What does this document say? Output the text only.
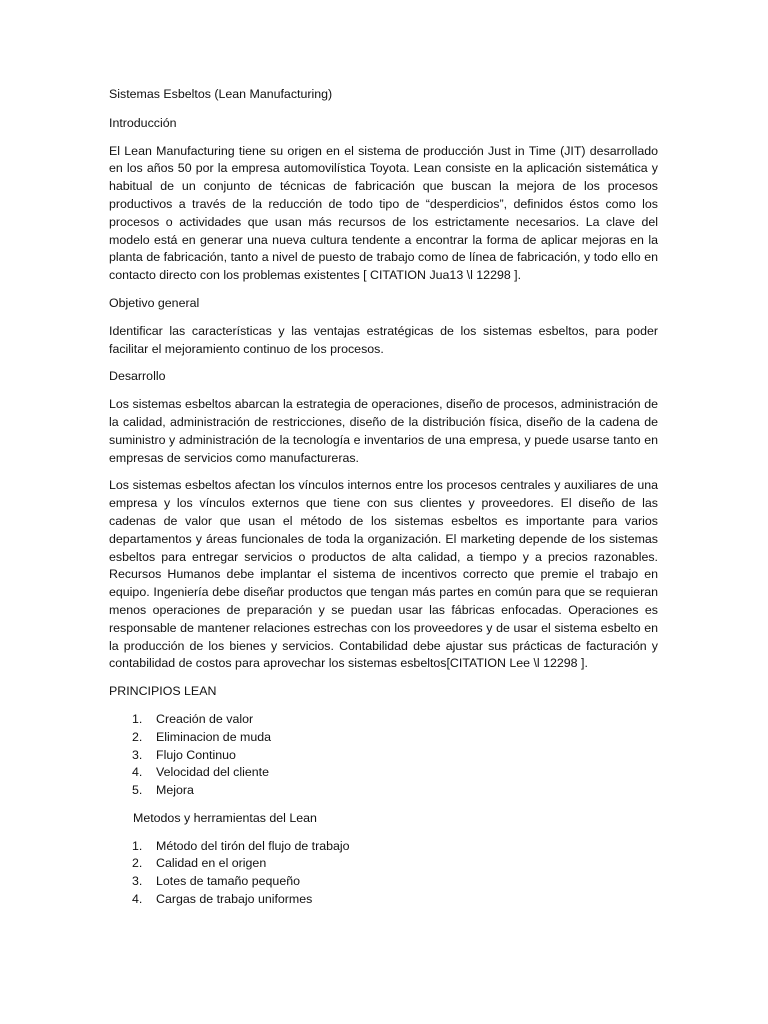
Sistemas Esbeltos (Lean Manufacturing)

Introducción

El Lean Manufacturing tiene su origen en el sistema de producción Just in Time (JIT) desarrollado en los años 50 por la empresa automovilística Toyota. Lean consiste en la aplicación sistemática y habitual de un conjunto de técnicas de fabricación que buscan la mejora de los procesos productivos a través de la reducción de todo tipo de “desperdicios”, definidos éstos como los procesos o actividades que usan más recursos de los estrictamente necesarios. La clave del modelo está en generar una nueva cultura tendente a encontrar la forma de aplicar mejoras en la planta de fabricación, tanto a nivel de puesto de trabajo como de línea de fabricación, y todo ello en contacto directo con los problemas existentes [ CITATION Jua13 \l 12298 ].

Objetivo general

Identificar las características y las ventajas estratégicas de los sistemas esbeltos, para poder facilitar el mejoramiento continuo de los procesos.

Desarrollo

Los sistemas esbeltos abarcan la estrategia de operaciones, diseño de procesos, administración de la calidad, administración de restricciones, diseño de la distribución física, diseño de la cadena de suministro y administración de la tecnología e inventarios de una empresa, y puede usarse tanto en empresas de servicios como manufactureras.

Los sistemas esbeltos afectan los vínculos internos entre los procesos centrales y auxiliares de una empresa y los vínculos externos que tiene con sus clientes y proveedores. El diseño de las cadenas de valor que usan el método de los sistemas esbeltos es importante para varios departamentos y áreas funcionales de toda la organización. El marketing depende de los sistemas esbeltos para entregar servicios o productos de alta calidad, a tiempo y a precios razonables. Recursos Humanos debe implantar el sistema de incentivos correcto que premie el trabajo en equipo. Ingeniería debe diseñar productos que tengan más partes en común para que se requieran menos operaciones de preparación y se puedan usar las fábricas enfocadas. Operaciones es responsable de mantener relaciones estrechas con los proveedores y de usar el sistema esbelto en la producción de los bienes y servicios. Contabilidad debe ajustar sus prácticas de facturación y contabilidad de costos para aprovechar los sistemas esbeltos[CITATION Lee \l 12298 ].

PRINCIPIOS LEAN

1. Creación de valor
2. Eliminacion de muda
3. Flujo Continuo
4. Velocidad del cliente
5. Mejora

Metodos y herramientas del Lean

1. Método del tirón del flujo de trabajo
2. Calidad en el origen
3. Lotes de tamaño pequeño
4. Cargas de trabajo uniformes
